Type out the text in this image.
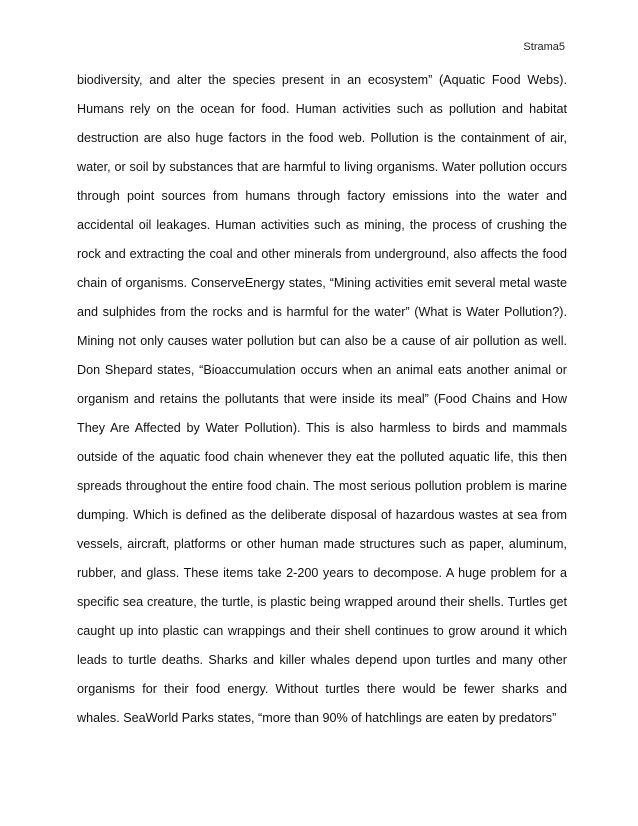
Strama5
biodiversity, and alter the species present in an ecosystem” (Aquatic Food Webs).
Humans rely on the ocean for food. Human activities such as pollution and habitat
destruction are also huge factors in the food web. Pollution is the containment of air,
water, or soil by substances that are harmful to living organisms. Water pollution occurs
through point sources from humans through factory emissions into the water and
accidental oil leakages. Human activities such as mining, the process of crushing the
rock and extracting the coal and other minerals from underground, also affects the food
chain of organisms. ConserveEnergy states, “Mining activities emit several metal waste
and sulphides from the rocks and is harmful for the water” (What is Water Pollution?).
Mining not only causes water pollution but can also be a cause of air pollution as well.
Don Shepard states, “Bioaccumulation occurs when an animal eats another animal or
organism and retains the pollutants that were inside its meal” (Food Chains and How
They Are Affected by Water Pollution). This is also harmless to birds and mammals
outside of the aquatic food chain whenever they eat the polluted aquatic life, this then
spreads throughout the entire food chain. The most serious pollution problem is marine
dumping. Which is defined as the deliberate disposal of hazardous wastes at sea from
vessels, aircraft, platforms or other human made structures such as paper, aluminum,
rubber, and glass. These items take 2-200 years to decompose. A huge problem for a
specific sea creature, the turtle, is plastic being wrapped around their shells. Turtles get
caught up into plastic can wrappings and their shell continues to grow around it which
leads to turtle deaths. Sharks and killer whales depend upon turtles and many other
organisms for their food energy. Without turtles there would be fewer sharks and
whales. SeaWorld Parks states, “more than 90% of hatchlings are eaten by predators”
